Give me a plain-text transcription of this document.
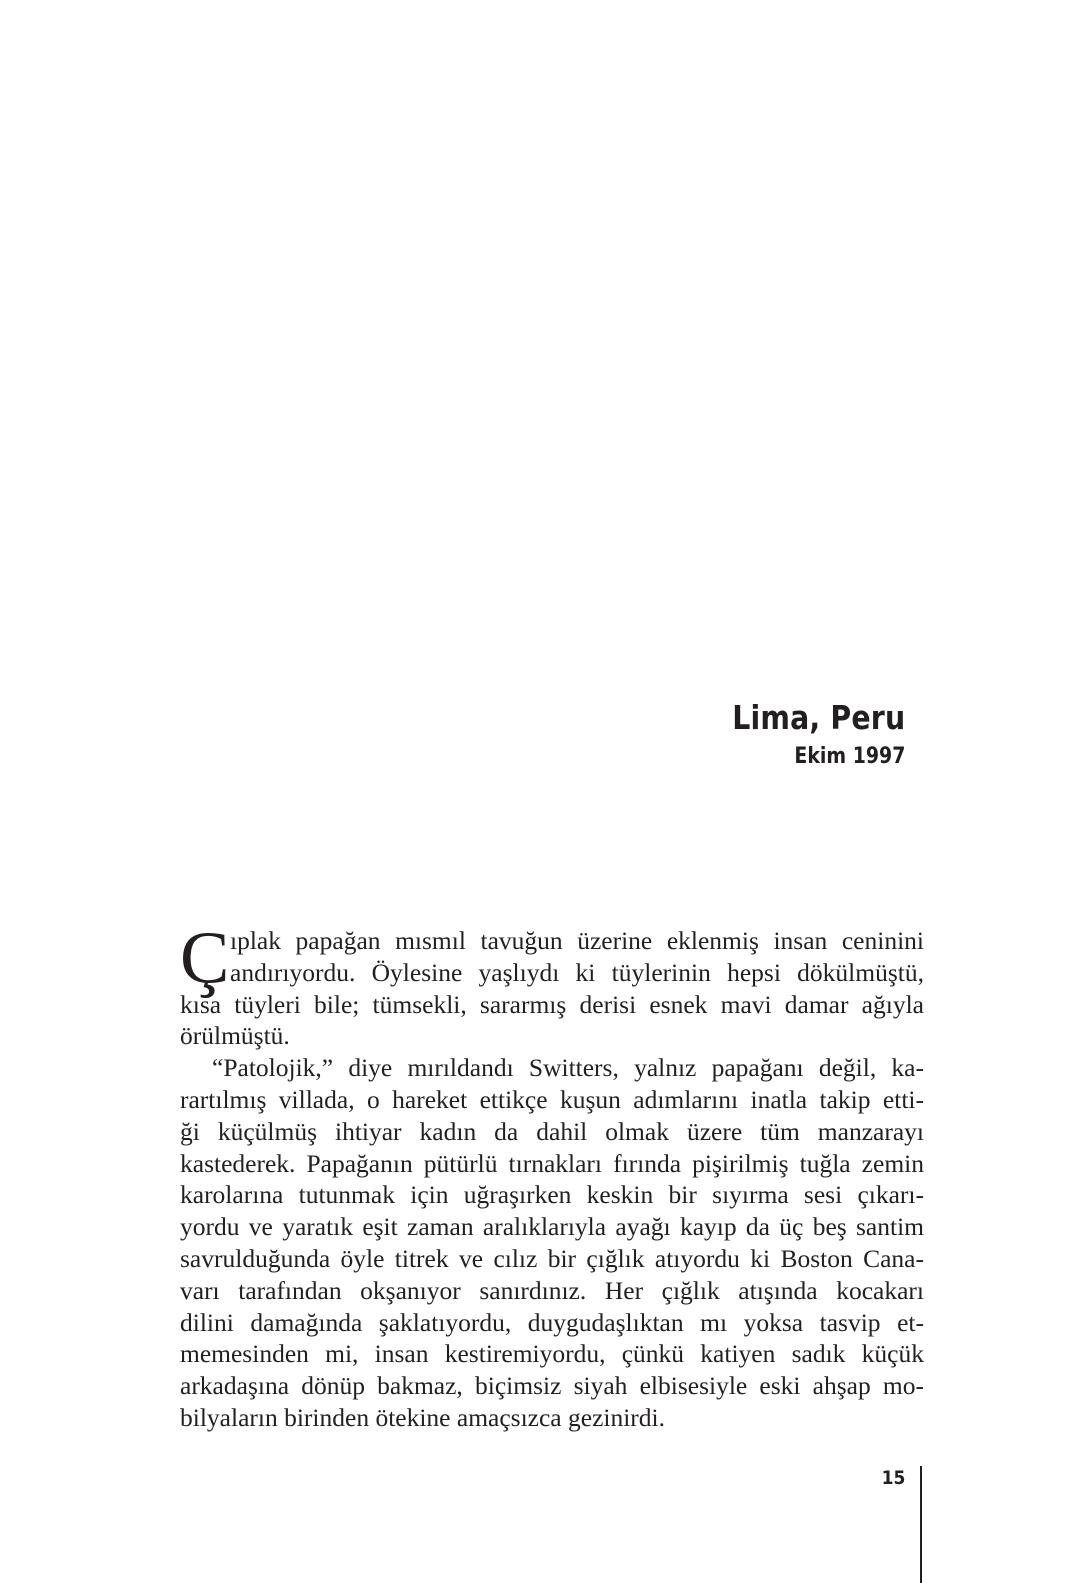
Lima, Peru
Ekim 1997
Ç ıplak papağan mısmıl tavuğun üzerine eklenmiş insan ceninini
andırıyordu. Öylesine yaşlıydı ki tüylerinin hepsi dökülmüştü,
kısa tüyleri bile; tümsekli, sararmış derisi esnek mavi damar ağıyla
örülmüştü.
“Patolojik,” diye mırıldandı Switters, yalnız papağanı değil, ka-
rartılmış villada, o hareket ettikçe kuşun adımlarını inatla takip etti-
ği küçülmüş ihtiyar kadın da dahil olmak üzere tüm manzarayı
kastederek. Papağanın pütürlü tırnakları fırında pişirilmiş tuğla zemin
karolarına tutunmak için uğraşırken keskin bir sıyırma sesi çıkarı-
yordu ve yaratık eşit zaman aralıklarıyla ayağı kayıp da üç beş santim
savrulduğunda öyle titrek ve cılız bir çığlık atıyordu ki Boston Cana-
varı tarafından okşanıyor sanırdınız. Her çığlık atışında kocakarı
dilini damağında şaklatıyordu, duygudaşlıktan mı yoksa tasvip et-
memesinden mi, insan kestiremiyordu, çünkü katiyen sadık küçük
arkadaşına dönüp bakmaz, biçimsiz siyah elbisesiyle eski ahşap mo-
bilyaların birinden ötekine amaçsızca gezinirdi.
15
